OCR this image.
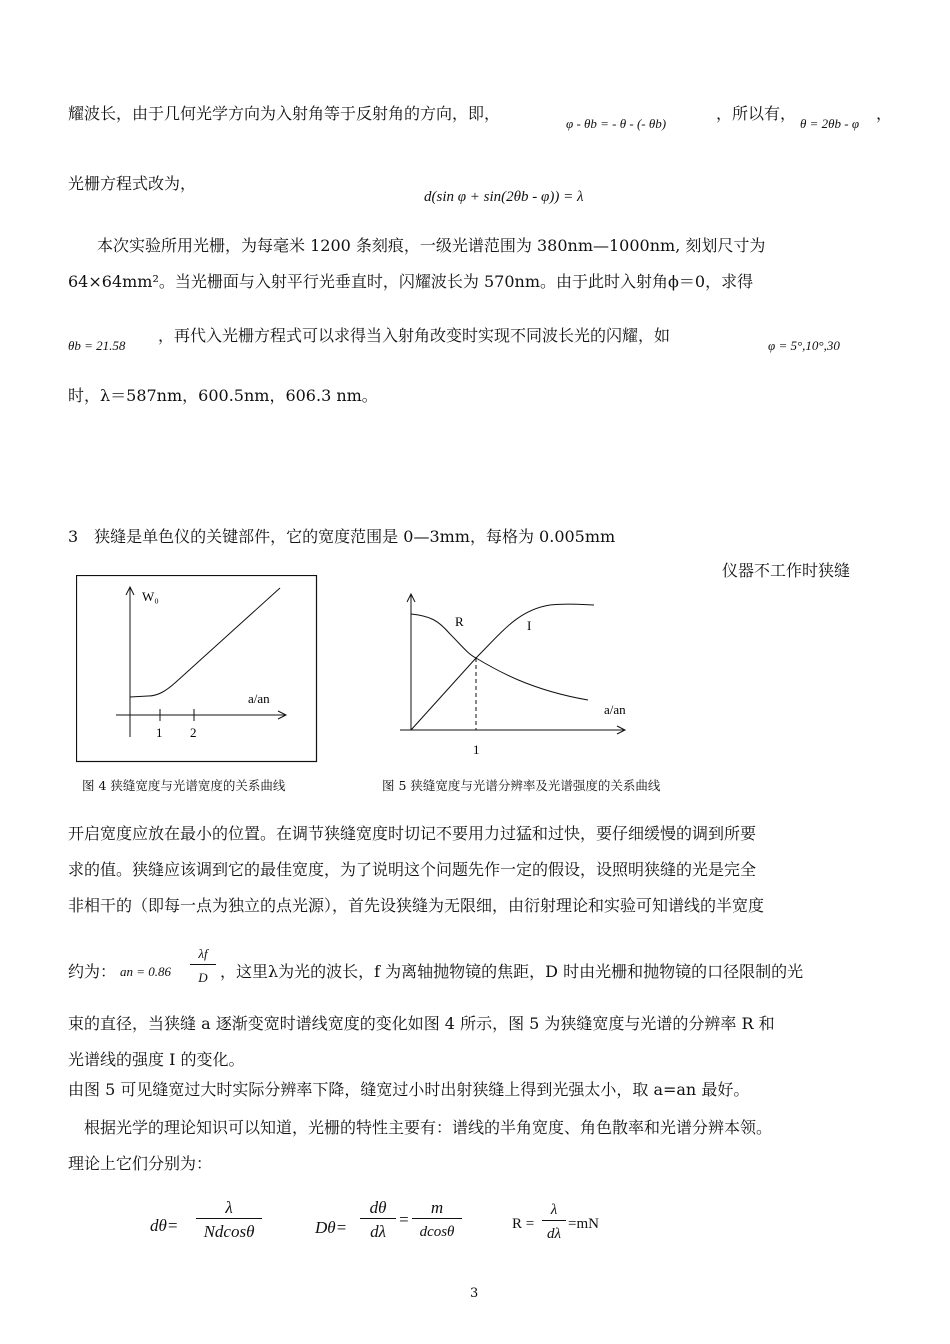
耀波长，由于几何光学方向为入射角等于反射角的方向，即，
φ - θb = - θ - (- θb)
，所以有，
θ = 2θb - φ
，
光栅方程式改为，
d(sin φ + sin(2θb - φ)) = λ
本次实验所用光栅，为每毫米 1200 条刻痕，一级光谱范围为 380nm—1000nm, 刻划尺寸为
64×64mm²。当光栅面与入射平行光垂直时，闪耀波长为 570nm。由于此时入射角ϕ＝0，求得
θb = 21.58
，再代入光栅方程式可以求得当入射角改变时实现不同波长光的闪耀，如
φ = 5°,10°,30
时，λ＝587nm，600.5nm，606.3 nm。
3　狭缝是单色仪的关键部件，它的宽度范围是 0—3mm，每格为 0.005mm
仪器不工作时狭缝
W₀
a/an
1 2
图 4 狭缝宽度与光谱宽度的关系曲线
R	I
a/an
1
图 5 狭缝宽度与光谱分辨率及光谱强度的关系曲线
开启宽度应放在最小的位置。在调节狭缝宽度时切记不要用力过猛和过快，要仔细缓慢的调到所要
求的值。狭缝应该调到它的最佳宽度，为了说明这个问题先作一定的假设，设照明狭缝的光是完全
非相干的（即每一点为独立的点光源），首先设狭缝为无限细，由衍射理论和实验可知谱线的半宽度
约为： an = 0.86
λf
D ，这里λ为光的波长，f 为离轴抛物镜的焦距，D 时由光栅和抛物镜的口径限制的光
束的直径，当狭缝 a 逐渐变宽时谱线宽度的变化如图 4 所示，图 5 为狭缝宽度与光谱的分辨率 R 和
光谱线的强度 I 的变化。
由图 5 可见缝宽过大时实际分辨率下降，缝宽过小时出射狭缝上得到光强太小，取 a=an 最好。
根据光学的理论知识可以知道，光栅的特性主要有：谱线的半角宽度、角色散率和光谱分辨本领。
理论上它们分别为：
dθ=
λ
Ndcosθ	Dθ=
dθ
dλ
=
m
dcosθ	R =
λ
dλ
=mN
3
